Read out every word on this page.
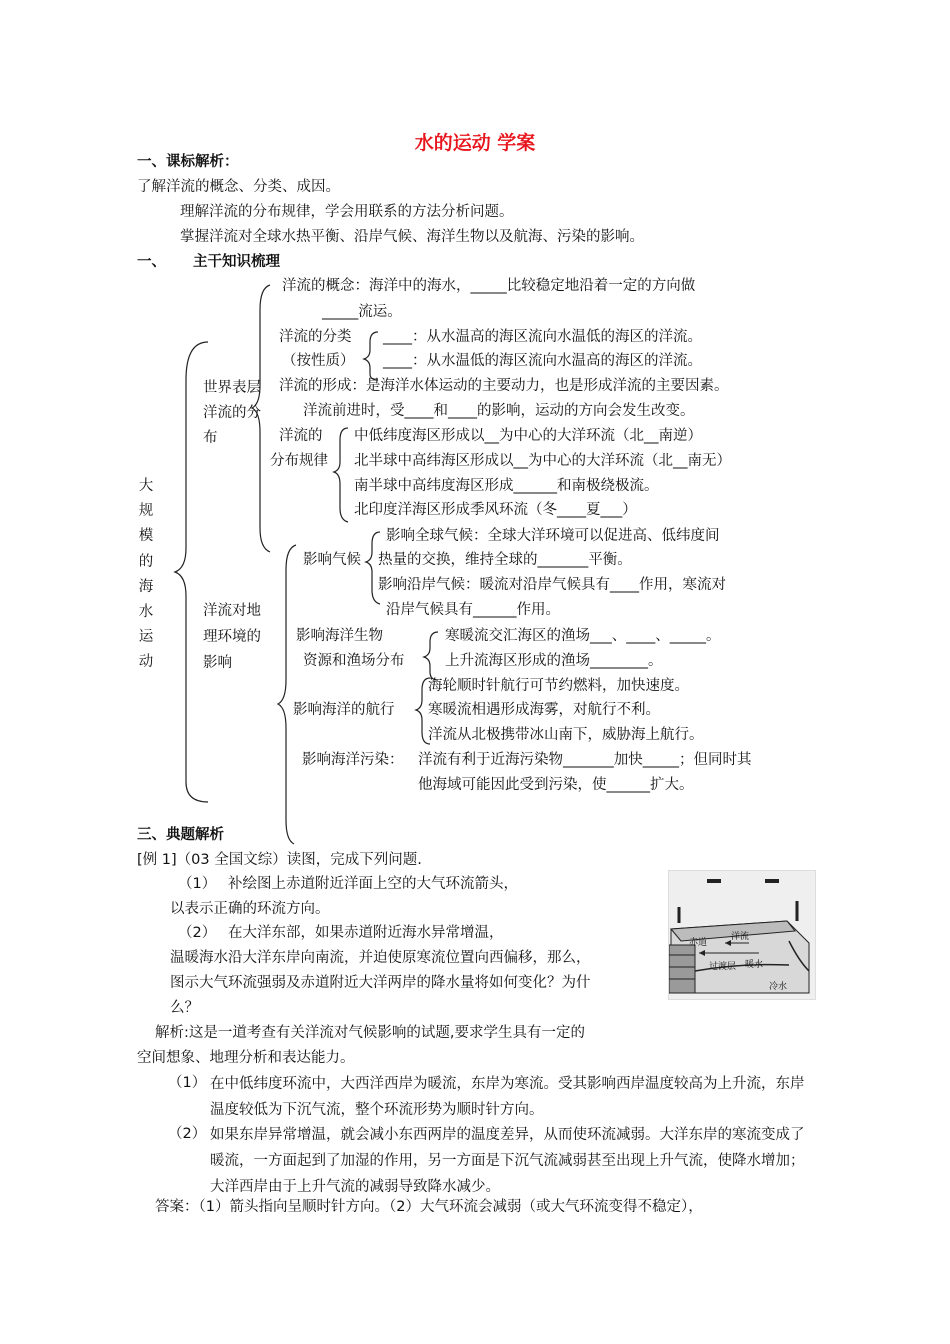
水的运动 学案
一、课标解析：
了解洋流的概念、分类、成因。
理解洋流的分布规律，学会用联系的方法分析问题。
掌握洋流对全球水热平衡、沿岸气候、海洋生物以及航海、污染的影响。
一、 主干知识梳理
大规模的海水运动
世界表层洋流的分布
洋流对地理环境的影响
洋流的概念：海洋中的海水，_____比较稳定地沿着一定的方向做
_____流运。
洋流的分类
（按性质）
____：从水温高的海区流向水温低的海区的洋流。
____：从水温低的海区流向水温高的海区的洋流。
洋流的形成：是海洋水体运动的主要动力，也是形成洋流的主要因素。
洋流前进时，受____和____的影响，运动的方向会发生改变。
洋流的
分布规律
中低纬度海区形成以__为中心的大洋环流（北__南逆）
北半球中高纬海区形成以__为中心的大洋环流（北__南无）
南半球中高纬度海区形成______和南极绕极流。
北印度洋海区形成季风环流（冬____夏___）
影响气候
影响全球气候：全球大洋环境可以促进高、低纬度间
热量的交换，维持全球的_______平衡。
影响沿岸气候：暖流对沿岸气候具有____作用，寒流对
沿岸气候具有______作用。
影响海洋生物
资源和渔场分布
寒暖流交汇海区的渔场___、____、_____。
上升流海区形成的渔场________。
影响海洋的航行
海轮顺时针航行可节约燃料，加快速度。
寒暖流相遇形成海雾，对航行不利。
洋流从北极携带冰山南下，威胁海上航行。
影响海洋污染： 洋流有利于近海污染物_______加快_____；但同时其
他海域可能因此受到污染，使______扩大。
三、典题解析
[例 1]（03 全国文综）读图，完成下列问题.
（1） 补绘图上赤道附近洋面上空的大气环流箭头，
以表示正确的环流方向。
（2） 在大洋东部，如果赤道附近海水异常增温，
温暖海水沿大洋东岸向南流，并迫使原寒流位置向西偏移，那么，
图示大气环流强弱及赤道附近大洋两岸的降水量将如何变化？为什
么？
解析:这是一道考查有关洋流对气候影响的试题,要求学生具有一定的
空间想象、地理分析和表达能力。
（1） 在中低纬度环流中，大西洋西岸为暖流，东岸为寒流。受其影响西岸温度较高为上升流，东岸温度较低为下沉气流，整个环流形势为顺时针方向。
（2） 如果东岸异常增温，就会减小东西两岸的温度差异，从而使环流减弱。大洋东岸的寒流变成了暖流，一方面起到了加湿的作用，另一方面是下沉气流减弱甚至出现上升气流，使降水增加；大洋西岸由于上升气流的减弱导致降水减少。
答案：（1）箭头指向呈顺时针方向。（2）大气环流会减弱（或大气环流变得不稳定），
赤道
洋流
过渡层 暖水
冷水
